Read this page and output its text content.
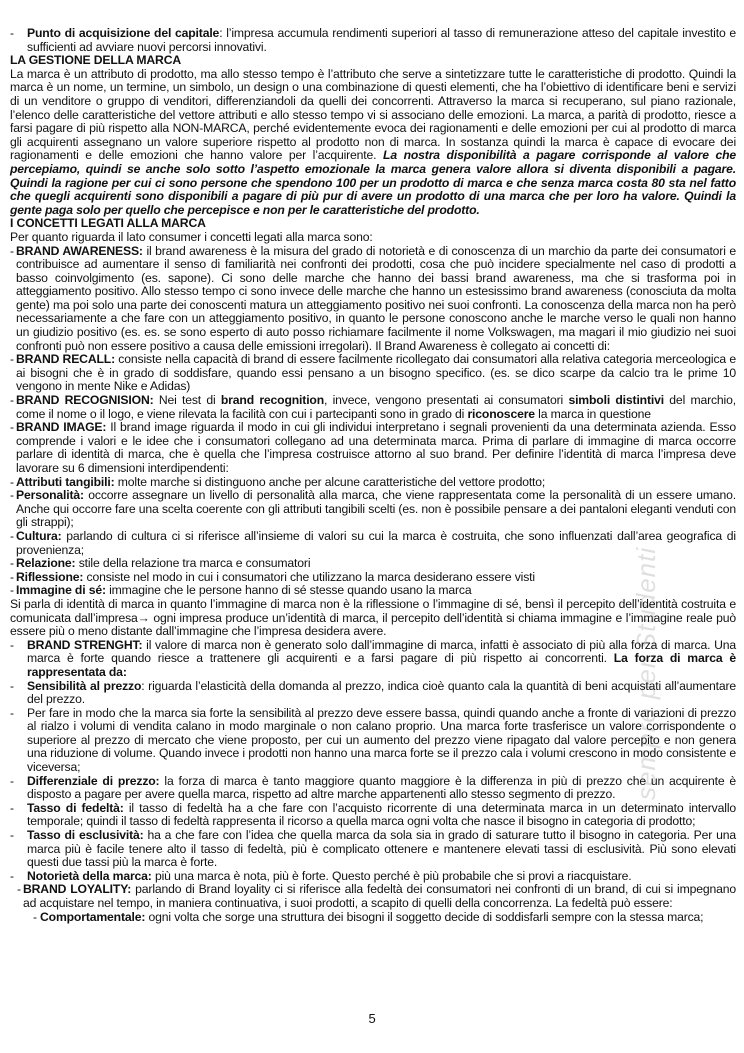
- Punto di acquisizione del capitale: l’impresa accumula rendimenti superiori al tasso di remunerazione atteso del capitale investito e sufficienti ad avviare nuovi percorsi innovativi.
LA GESTIONE DELLA MARCA
La marca è un attributo di prodotto, ma allo stesso tempo è l’attributo che serve a sintetizzare tutte le caratteristiche di prodotto. Quindi la marca è un nome, un termine, un simbolo, un design o una combinazione di questi elementi, che ha l’obiettivo di identificare beni e servizi di un venditore o gruppo di venditori, differenziandoli da quelli dei concorrenti. Attraverso la marca si recuperano, sul piano razionale, l’elenco delle caratteristiche del vettore attributi e allo stesso tempo vi si associano delle emozioni. La marca, a parità di prodotto, riesce a farsi pagare di più rispetto alla NON-MARCA, perché evidentemente evoca dei ragionamenti e delle emozioni per cui al prodotto di marca gli acquirenti assegnano un valore superiore rispetto al prodotto non di marca. In sostanza quindi la marca è capace di evocare dei ragionamenti e delle emozioni che hanno valore per l’acquirente. La nostra disponibilità a pagare corrisponde al valore che percepiamo, quindi se anche solo sotto l’aspetto emozionale la marca genera valore allora si diventa disponibili a pagare. Quindi la ragione per cui ci sono persone che spendono 100 per un prodotto di marca e che senza marca costa 80 sta nel fatto che quegli acquirenti sono disponibili a pagare di più pur di avere un prodotto di una marca che per loro ha valore. Quindi la gente paga solo per quello che percepisce e non per le caratteristiche del prodotto.
I CONCETTI LEGATI ALLA MARCA
Per quanto riguarda il lato consumer i concetti legati alla marca sono:
- BRAND AWARENESS: il brand awareness è la misura del grado di notorietà e di conoscenza di un marchio da parte dei consumatori e contribuisce ad aumentare il senso di familiarità nei confronti dei prodotti, cosa che può incidere specialmente nel caso di prodotti a basso coinvolgimento (es. sapone). Ci sono delle marche che hanno dei bassi brand awareness, ma che si trasforma poi in atteggiamento positivo. Allo stesso tempo ci sono invece delle marche che hanno un estesissimo brand awareness (conosciuta da molta gente) ma poi solo una parte dei conoscenti matura un atteggiamento positivo nei suoi confronti. La conoscenza della marca non ha però necessariamente a che fare con un atteggiamento positivo, in quanto le persone conoscono anche le marche verso le quali non hanno un giudizio positivo (es. es. se sono esperto di auto posso richiamare facilmente il nome Volkswagen, ma magari il mio giudizio nei suoi confronti può non essere positivo a causa delle emissioni irregolari). Il Brand Awareness è collegato ai concetti di:
- BRAND RECALL: consiste nella capacità di brand di essere facilmente ricollegato dai consumatori alla relativa categoria merceologica e ai bisogni che è in grado di soddisfare, quando essi pensano a un bisogno specifico. (es. se dico scarpe da calcio tra le prime 10 vengono in mente Nike e Adidas)
- BRAND RECOGNISION: Nei test di brand recognition, invece, vengono presentati ai consumatori simboli distintivi del marchio, come il nome o il logo, e viene rilevata la facilità con cui i partecipanti sono in grado di riconoscere la marca in questione
- BRAND IMAGE: Il brand image riguarda il modo in cui gli individui interpretano i segnali provenienti da una determinata azienda. Esso comprende i valori e le idee che i consumatori collegano ad una determinata marca. Prima di parlare di immagine di marca occorre parlare di identità di marca, che è quella che l’impresa costruisce attorno al suo brand. Per definire l’identità di marca l’impresa deve lavorare su 6 dimensioni interdipendenti:
- Attributi tangibili: molte marche si distinguono anche per alcune caratteristiche del vettore prodotto;
- Personalità: occorre assegnare un livello di personalità alla marca, che viene rappresentata come la personalità di un essere umano. Anche qui occorre fare una scelta coerente con gli attributi tangibili scelti (es. non è possibile pensare a dei pantaloni eleganti venduti con gli strappi);
- Cultura: parlando di cultura ci si riferisce all’insieme di valori su cui la marca è costruita, che sono influenzati dall’area geografica di provenienza;
- Relazione: stile della relazione tra marca e consumatori
- Riflessione: consiste nel modo in cui i consumatori che utilizzano la marca desiderano essere visti
- Immagine di sé: immagine che le persone hanno di sé stesse quando usano la marca
Si parla di identità di marca in quanto l’immagine di marca non è la riflessione o l’immagine di sé, bensì il percepito dell’identità costruita e comunicata dall’impresa→ ogni impresa produce un’identità di marca, il percepito dell’identità si chiama immagine e l’immagine reale può essere più o meno distante dall’immagine che l’impresa desidera avere.
- BRAND STRENGHT: il valore di marca non è generato solo dall’immagine di marca, infatti è associato di più alla forza di marca. Una marca è forte quando riesce a trattenere gli acquirenti e a farsi pagare di più rispetto ai concorrenti. La forza di marca è rappresentata da:
- Sensibilità al prezzo: riguarda l’elasticità della domanda al prezzo, indica cioè quanto cala la quantità di beni acquistati all’aumentare del prezzo.
- Per fare in modo che la marca sia forte la sensibilità al prezzo deve essere bassa, quindi quando anche a fronte di variazioni di prezzo al rialzo i volumi di vendita calano in modo marginale o non calano proprio. Una marca forte trasferisce un valore corrispondente o superiore al prezzo di mercato che viene proposto, per cui un aumento del prezzo viene ripagato dal valore percepito e non genera una riduzione di volume. Quando invece i prodotti non hanno una marca forte se il prezzo cala i volumi crescono in modo consistente e viceversa;
- Differenziale di prezzo: la forza di marca è tanto maggiore quanto maggiore è la differenza in più di prezzo che un acquirente è disposto a pagare per avere quella marca, rispetto ad altre marche appartenenti allo stesso segmento di prezzo.
- Tasso di fedeltà: il tasso di fedeltà ha a che fare con l’acquisto ricorrente di una determinata marca in un determinato intervallo temporale; quindi il tasso di fedeltà rappresenta il ricorso a quella marca ogni volta che nasce il bisogno in categoria di prodotto;
- Tasso di esclusività: ha a che fare con l’idea che quella marca da sola sia in grado di saturare tutto il bisogno in categoria. Per una marca più è facile tenere alto il tasso di fedeltà, più è complicato ottenere e mantenere elevati tassi di esclusività. Più sono elevati questi due tassi più la marca è forte.
- Notorietà della marca: più una marca è nota, più è forte. Questo perché è più probabile che si provi a riacquistare.
- BRAND LOYALITY: parlando di Brand loyality ci si riferisce alla fedeltà dei consumatori nei confronti di un brand, di cui si impegnano ad acquistare nel tempo, in maniera continuativa, i suoi prodotti, a scapito di quelli della concorrenza. La fedeltà può essere:
- Comportamentale: ogni volta che sorge una struttura dei bisogni il soggetto decide di soddisfarli sempre con la stessa marca;
5
sempre per Studenti
